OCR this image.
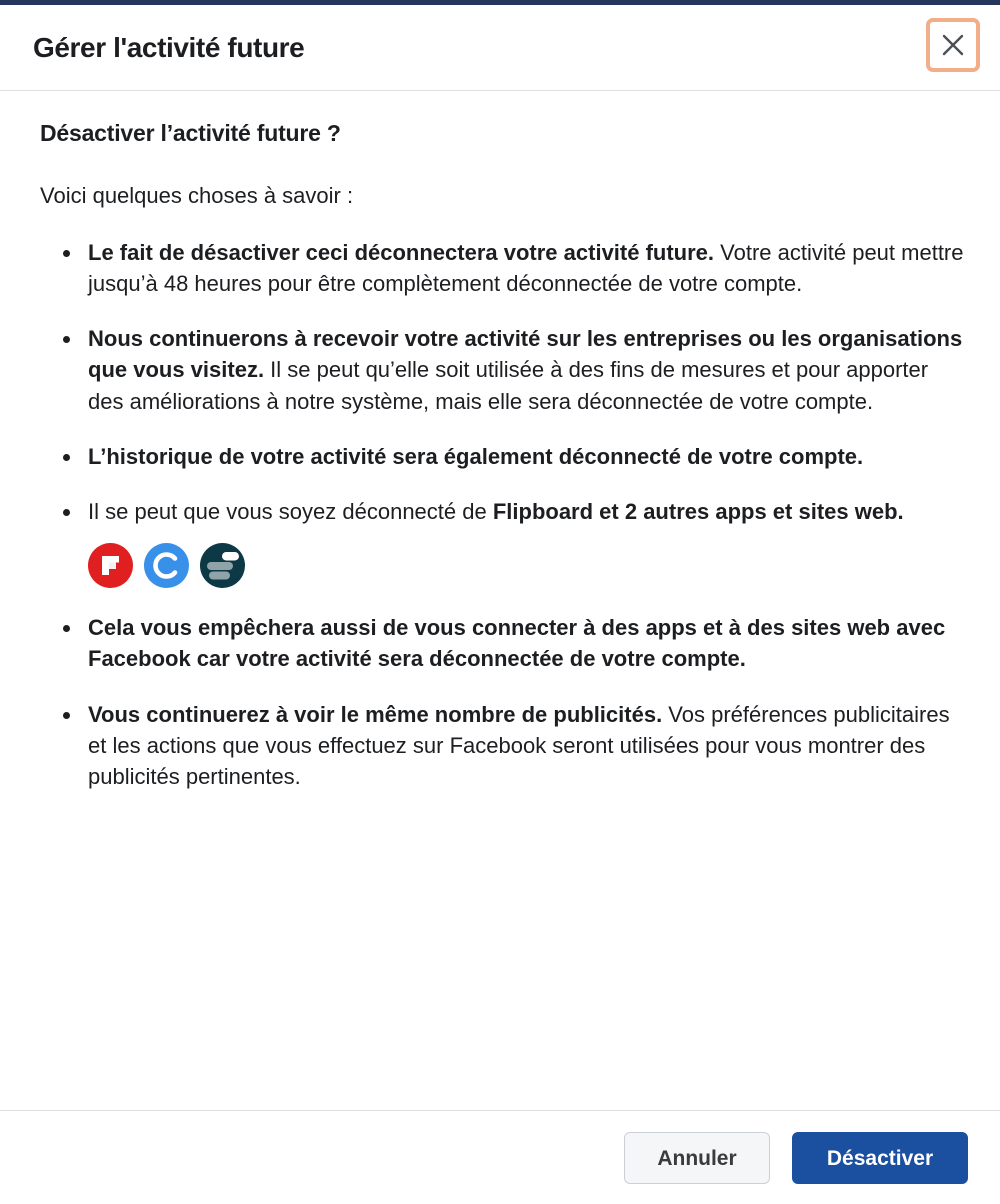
Gérer l'activité future
Désactiver l’activité future ?

Voici quelques choses à savoir :

Le fait de désactiver ceci déconnectera votre activité future. Votre activité peut mettre jusqu’à 48 heures pour être complètement déconnectée de votre compte.
Nous continuerons à recevoir votre activité sur les entreprises ou les organisations que vous visitez. Il se peut qu’elle soit utilisée à des fins de mesures et pour apporter des améliorations à notre système, mais elle sera déconnectée de votre compte.
L’historique de votre activité sera également déconnecté de votre compte.
Il se peut que vous soyez déconnecté de Flipboard et 2 autres apps et sites web.
Cela vous empêchera aussi de vous connecter à des apps et à des sites web avec Facebook car votre activité sera déconnectée de votre compte.
Vous continuerez à voir le même nombre de publicités. Vos préférences publicitaires et les actions que vous effectuez sur Facebook seront utilisées pour vous montrer des publicités pertinentes.
Annuler	Désactiver
